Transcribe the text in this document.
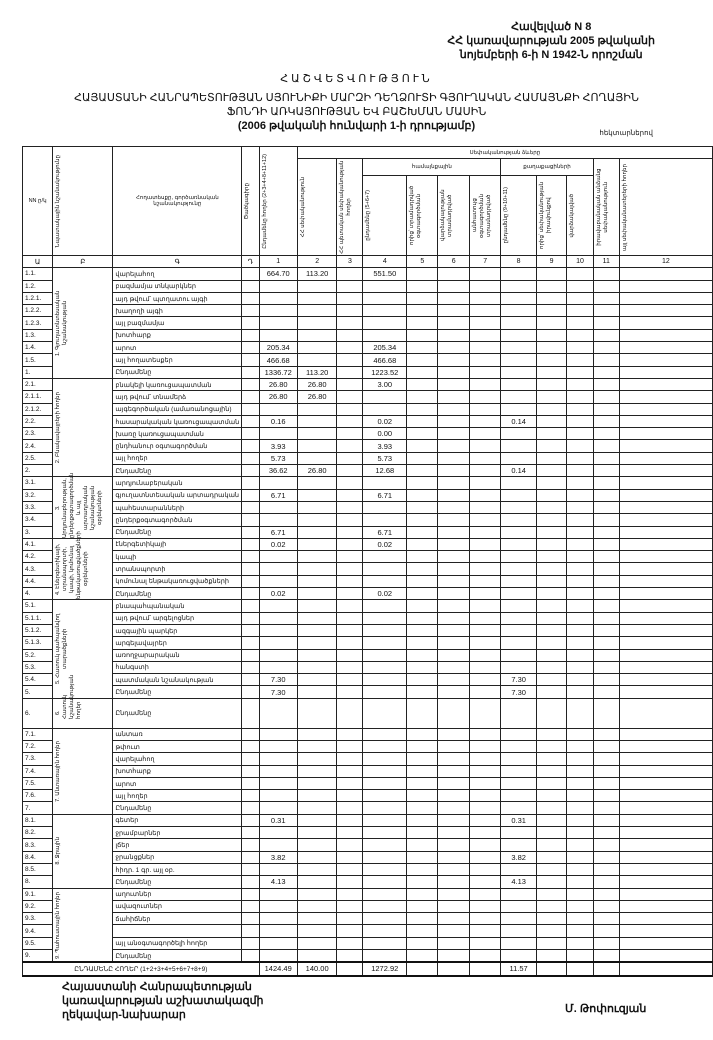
Հավելված N 8
ՀՀ կառավարության 2005 թվականի
նոյեմբերի 6-ի N 1942-Ն որոշման
ՀԱՇՎԵՏՎՈՒԹՅՈՒՆ
ՀԱՅԱՍՏԱՆԻ ՀԱՆՐԱՊԵՏՈՒԹՅԱՆ ՍՅՈՒՆԻՔԻ ՄԱՐԶԻ ԴԵՂՁՈՒՏԻ ԳՅՈՒՂԱԿԱՆ ՀԱՄԱՅՆՔԻ ՀՈՂԱՅԻՆ
ՖՈՆԴԻ ԱՌԿԱՅՈՒԹՅԱՆ ԵՎ ԲԱՇԽՄԱՆ ՄԱՍԻՆ
(2006 թվականի հունվարի 1-ի դրությամբ)
հեկտարներով
NN ը/կ	Նպատակային նշանակությունը	Հողատեսքը, գործառնական նշանակությունը	Ծածկագիրը	Ընդամենը հողեր (2+3+4+8+11+12)	Սեփականության ձևերը										

					ՀՀ սեփականություն	ՀՀ պետական սեփականության հողեր	համայնքային				քաղաքացիների			իրավաբանական անձանց սեփականություն	այլ սեփականատերերի հողեր

							ընդամենը (5+6+7)	որից՝ տրամադրված օգտագործման	վարձակալության տրամադրված	անհատույց օգտագործման տրամադրված	ընդամենը (9+10+11)	որից՝ սեփականության իրավունքով	վարձակալված		

Ա	Բ	Գ	Դ	1	2	3	4	5	6	7	8	9	10	11	12
1.1.	1. Գյուղատնտեսական նշանակության	վարելահող		664.70	113.20		551.50								
1.2.		բազմամյա տնկարկներ													
1.2.1.		այդ թվում՝ պտղատու այգի													
1.2.2.		խաղողի այգի													
1.2.3.		այլ բազմամյա													
1.3.		խոտհարք													
1.4.		արոտ		205.34			205.34								
1.5.		այլ հողատեսքեր		466.68			466.68								
1.		Ընդամենը		1336.72	113.20		1223.52								
2.1.	2. Բնակավայրերի հողեր	բնակելի կառուցապատման		26.80	26.80		3.00								
2.1.1.		այդ թվում՝ տնամերձ		26.80	26.80										
2.1.2.		այգեգործական (ամառանոցային)													
2.2.		հասարակական կառուցապատման		0.16			0.02				0.14				
2.3.		խառը կառուցապատման					0.00								
2.4.		ընդհանուր օգտագործման		3.93			3.93								
2.5.		այլ հողեր		5.73			5.73								
2.		Ընդամենը		36.62	26.80		12.68				0.14				
3.1.	3. Արդյունաբերության, ընդերքօգտագործման և այլ արտադրական նշանակության օբյեկտների	արդյունաբերական													
3.2.		գյուղատնտեսական արտադրական		6.71			6.71								
3.3.		պահեստարանների													
3.4.		ընդերքօգտագործման													
3.		Ընդամենը		6.71			6.71								
4.1.	4. Էներգետիկայի, տրանսպորտի, կապի, կոմունալ ենթակառուցվածքների օբյեկտների	էներգետիկայի		0.02			0.02								
4.2.		կապի													
4.3.		տրանսպորտի													
4.4.		կոմունալ ենթակառուցվածքների													
4.		Ընդամենը		0.02			0.02								
5.1.	5. Հատուկ պահպանվող տարածքների	բնապահպանական													
5.1.1.		այդ թվում՝ արգելոցներ													
5.1.2.		ազգային պարկեր													
5.1.3.		արգելավայրեր													
5.2.		առողջարարական													
5.3.		հանգստի													
5.4.		պատմական նշանակության		7.30							7.30				
5.		Ընդամենը		7.30							7.30				
6.	6. Հատուկ նշանակության հողեր	Ընդամենը													
7.1.	7. Անտառային հողեր	անտառ													
7.2.		թփուտ													
7.3.		վարելահող													
7.4.		խոտհարք													
7.5.		արոտ													
7.6.		այլ հողեր													
7.		Ընդամենը													
8.1.	8. Ջրային	գետեր		0.31							0.31				
8.2.		ջրամբարներ													
8.3.		լճեր													
8.4.		ջրանցքներ		3.82							3.82				
8.5.		հիդր. 1 գր. այլ օբ.													
8.		Ընդամենը		4.13							4.13				
9.1.	9. Պահուստային հողեր	աղուտներ													
9.2.		ավազուտներ													
9.3.		ճահիճներ													
9.4.															
9.5.		այլ անօգտագործելի հողեր													
9.		Ընդամենը													
ԸՆԴԱՄԵՆԸ ՀՈՂԵՐ (1+2+3+4+5+6+7+8+9)				1424.49	140.00		1272.92				11.57				
Հայաստանի Հանրապետության
կառավարության աշխատակազմի
ղեկավար-նախարար	Մ. Թոփուզյան
